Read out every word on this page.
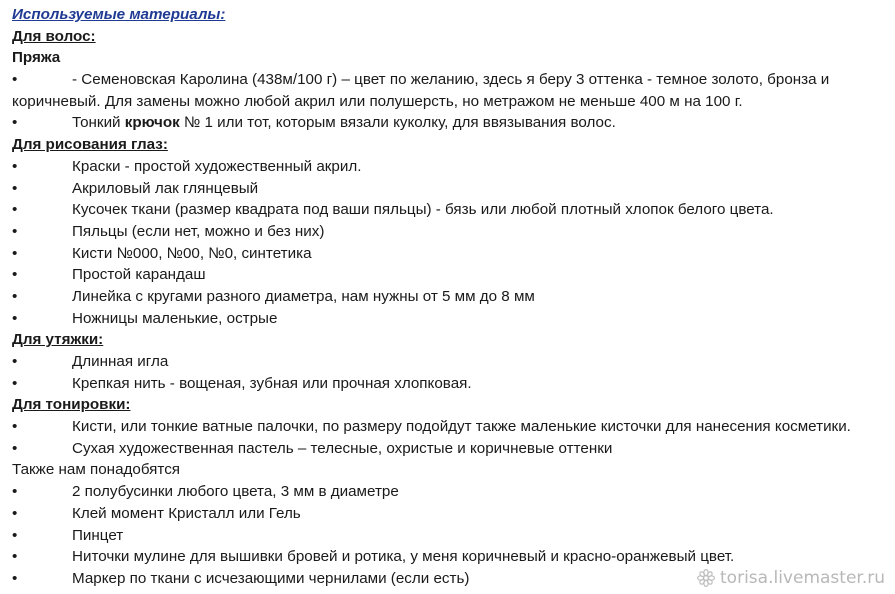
Используемые материалы:
Для волос:
Пряжа
•	- Семеновская Каролина (438м/100 г) – цвет по желанию, здесь я беру 3 оттенка - темное золото, бронза и
коричневый. Для замены можно любой акрил или полушерсть, но метражом не меньше 400 м на 100 г.
•	Тонкий крючок № 1 или тот, которым вязали куколку, для ввязывания волос.
Для рисования глаз:
•	Краски - простой художественный акрил.
•	Акриловый лак глянцевый
•	Кусочек ткани (размер квадрата под ваши пяльцы) - бязь или любой плотный хлопок белого цвета.
•	Пяльцы (если нет, можно и без них)
•	Кисти №000, №00, №0, синтетика
•	Простой карандаш
•	Линейка с кругами разного диаметра, нам нужны от 5 мм до 8 мм
•	Ножницы маленькие, острые
Для утяжки:
•	Длинная игла
•	Крепкая нить - вощеная, зубная или прочная хлопковая.
Для тонировки:
•	Кисти, или тонкие ватные палочки, по размеру подойдут также маленькие кисточки для нанесения косметики.
•	Сухая художественная пастель – телесные, охристые и коричневые оттенки
Также нам понадобятся
•	2 полубусинки любого цвета, 3 мм в диаметре
•	Клей момент Кристалл или Гель
•	Пинцет
•	Ниточки мулине для вышивки бровей и ротика, у меня коричневый и красно-оранжевый цвет.
•	Маркер по ткани с исчезающими чернилами (если есть)	torisa.livemaster.ru
